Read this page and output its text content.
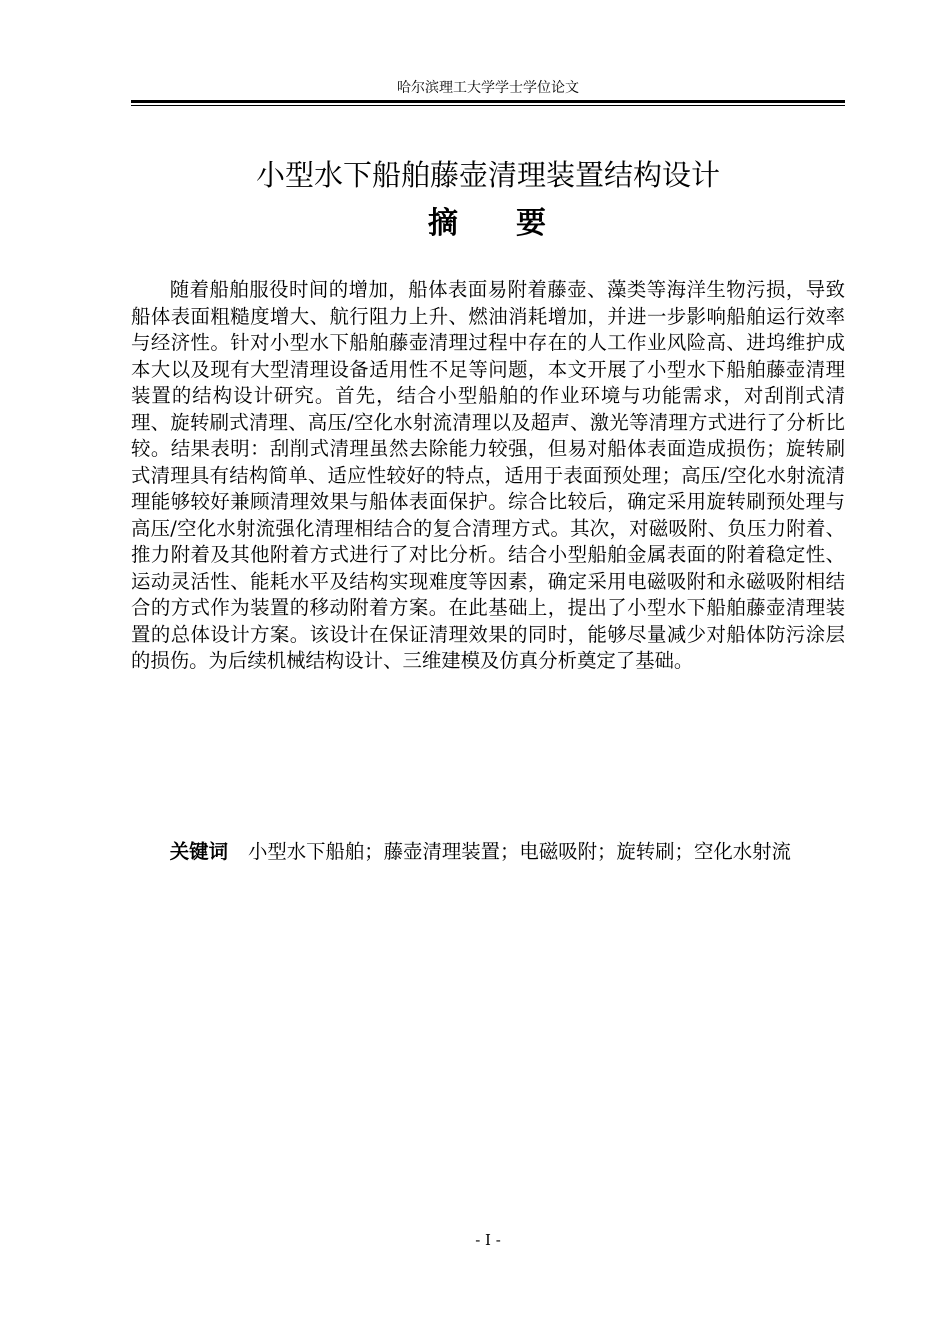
哈尔滨理工大学学士学位论文
小型水下船舶藤壶清理装置结构设计
摘 要

随着船舶服役时间的增加，船体表面易附着藤壶、藻类等海洋生物污损，导致船体表面粗糙度增大、航行阻力上升、燃油消耗增加，并进一步影响船舶运行效率与经济性。针对小型水下船舶藤壶清理过程中存在的人工作业风险高、进坞维护成本大以及现有大型清理设备适用性不足等问题，本文开展了小型水下船舶藤壶清理装置的结构设计研究。首先，结合小型船舶的作业环境与功能需求，对刮削式清理、旋转刷式清理、高压/空化水射流清理以及超声、激光等清理方式进行了分析比较。结果表明：刮削式清理虽然去除能力较强，但易对船体表面造成损伤；旋转刷式清理具有结构简单、适应性较好的特点，适用于表面预处理；高压/空化水射流清理能够较好兼顾清理效果与船体表面保护。综合比较后，确定采用旋转刷预处理与高压/空化水射流强化清理相结合的复合清理方式。其次，对磁吸附、负压力附着、推力附着及其他附着方式进行了对比分析。结合小型船舶金属表面的附着稳定性、运动灵活性、能耗水平及结构实现难度等因素，确定采用电磁吸附和永磁吸附相结合的方式作为装置的移动附着方案。在此基础上，提出了小型水下船舶藤壶清理装置的总体设计方案。该设计在保证清理效果的同时，能够尽量减少对船体防污涂层的损伤。为后续机械结构设计、三维建模及仿真分析奠定了基础。

关键词 小型水下船舶；藤壶清理装置；电磁吸附；旋转刷；空化水射流

- I -
